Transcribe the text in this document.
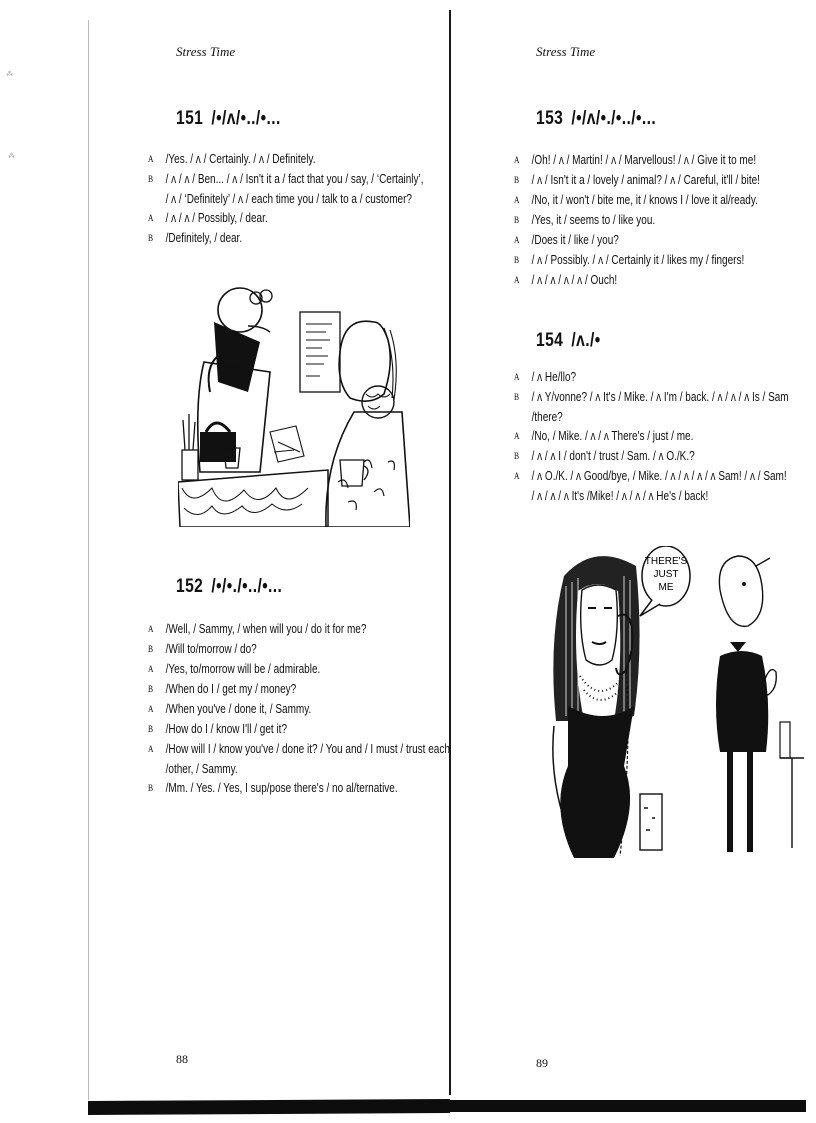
⁂
⁂
Stress Time
151 /•/ʌ/•../•...
A /Yes. / ʌ / Certainly. / ʌ / Definitely.
B	/ ʌ / ʌ / Ben... / ʌ / Isn't it a / fact that you / say, / ‘Certainly’,
/ ʌ / ‘Definitely’ / ʌ / each time you / talk to a / customer?
A / ʌ / ʌ / Possibly, / dear.
B	/Definitely, / dear.
152 /•/•./•../•...
A /Well, / Sammy, / when will you / do it for me?
B	/Will to/morrow / do?
A /Yes, to/morrow will be / admirable.
B	/When do I / get my / money?
A /When you've / done it, / Sammy.
B	/How do I / know I'll / get it?
A /How will I / know you've / done it? / You and / I must / trust each
/other, / Sammy.
B	/Mm. / Yes. / Yes, I sup/pose there's / no al/ternative.
88
Stress Time
153 /•/ʌ/•./•../•...
A /Oh! / ʌ / Martin! / ʌ / Marvellous! / ʌ / Give it to me!
B	/ ʌ / Isn't it a / lovely / animal? / ʌ / Careful, it'll / bite!
A /No, it / won't / bite me, it / knows I / love it al/ready.
B	/Yes, it / seems to / like you.
A /Does it / like / you?
B	/ ʌ / Possibly. / ʌ / Certainly it / likes my / fingers!
A / ʌ / ʌ / ʌ / ʌ / Ouch!
154 /ʌ./•
A / ʌ He/llo?
B	/ ʌ Y/vonne? / ʌ It's / Mike. / ʌ I'm / back. / ʌ / ʌ / ʌ Is / Sam
/there?
A /No, / Mike. / ʌ / ʌ There's / just / me.
B	/ ʌ / ʌ I / don't / trust / Sam. / ʌ O./K.?
A / ʌ O./K. / ʌ Good/bye, / Mike. / ʌ / ʌ / ʌ / ʌ Sam! / ʌ / Sam!
/ ʌ / ʌ / ʌ It's /Mike! / ʌ / ʌ / ʌ He's / back!
THERE'S
JUST
ME
89
